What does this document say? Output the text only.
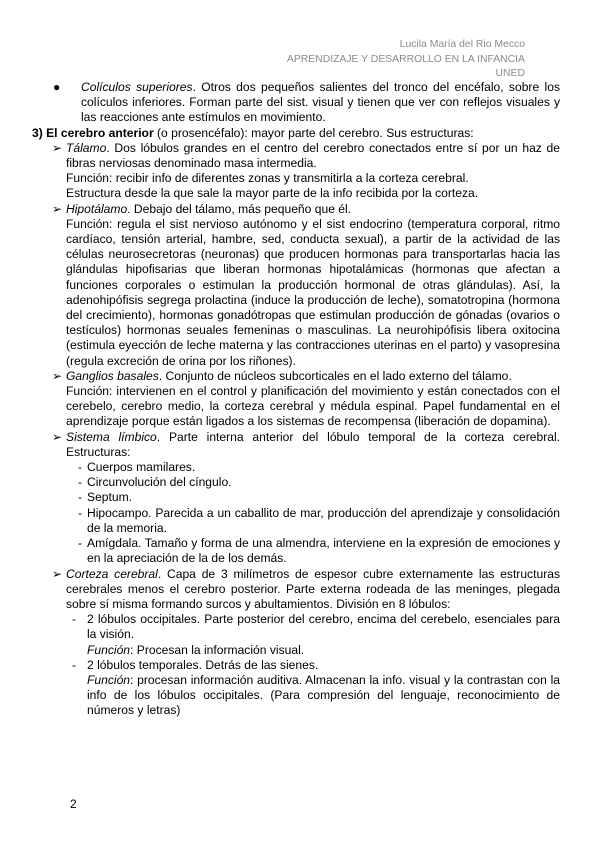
Lucila María del Rio Mecco
APRENDIZAJE Y DESARROLLO EN LA INFANCIA
UNED

●	Colículos superiores. Otros dos pequeños salientes del tronco del encéfalo, sobre los colículos inferiores. Forman parte del sist. visual y tienen que ver con reflejos visuales y las reacciones ante estímulos en movimiento.

3) El cerebro anterior (o prosencéfalo): mayor parte del cerebro. Sus estructuras:

➢ Tálamo. Dos lóbulos grandes en el centro del cerebro conectados entre sí por un haz de fibras nerviosas denominado masa intermedia.

Función: recibir info de diferentes zonas y transmitirla a la corteza cerebral.

Estructura desde la que sale la mayor parte de la info recibida por la corteza.

➢ Hipotálamo. Debajo del tálamo, más pequeño que él.

Función: regula el sist nervioso autónomo y el sist endocrino (temperatura corporal, ritmo cardíaco, tensión arterial, hambre, sed, conducta sexual), a partir de la actividad de las células neurosecretoras (neuronas) que producen hormonas para transportarlas hacia las glándulas hipofisarias que liberan hormonas hipotalámicas (hormonas que afectan a funciones corporales o estimulan la producción hormonal de otras glándulas). Así, la adenohipófisis segrega prolactina (induce la producción de leche), somatotropina (hormona del crecimiento), hormonas gonadótropas que estimulan producción de gónadas (ovarios o testículos) hormonas seuales femeninas o masculinas. La neurohipófisis libera oxitocina (estimula eyección de leche materna y las contracciones uterinas en el parto) y vasopresina (regula excreción de orina por los riñones).

➢ Ganglios basales. Conjunto de núcleos subcorticales en el lado externo del tálamo.

Función: intervienen en el control y planificación del movimiento y están conectados con el cerebelo, cerebro medio, la corteza cerebral y médula espinal. Papel fundamental en el aprendizaje porque están ligados a los sistemas de recompensa (liberación de dopamina).

➢ Sistema límbico. Parte interna anterior del lóbulo temporal de la corteza cerebral. Estructuras:

- Cuerpos mamilares.

- Circunvolución del cíngulo.

- Septum.

- Hipocampo. Parecida a un caballito de mar, producción del aprendizaje y consolidación de la memoria.

- Amígdala. Tamaño y forma de una almendra, interviene en la expresión de emociones y en la apreciación de la de los demás.

➢ Corteza cerebral. Capa de 3 milímetros de espesor cubre externamente las estructuras cerebrales menos el cerebro posterior. Parte externa rodeada de las meninges, plegada sobre sí misma formando surcos y abultamientos. División en 8 lóbulos:

- 2 lóbulos occipitales. Parte posterior del cerebro, encima del cerebelo, esenciales para la visión.

Función: Procesan la información visual.

- 2 lóbulos temporales. Detrás de las sienes.

Función: procesan información auditiva. Almacenan la info. visual y la contrastan con la info de los lóbulos occipitales. (Para compresión del lenguaje, reconocimiento de números y letras)

2
